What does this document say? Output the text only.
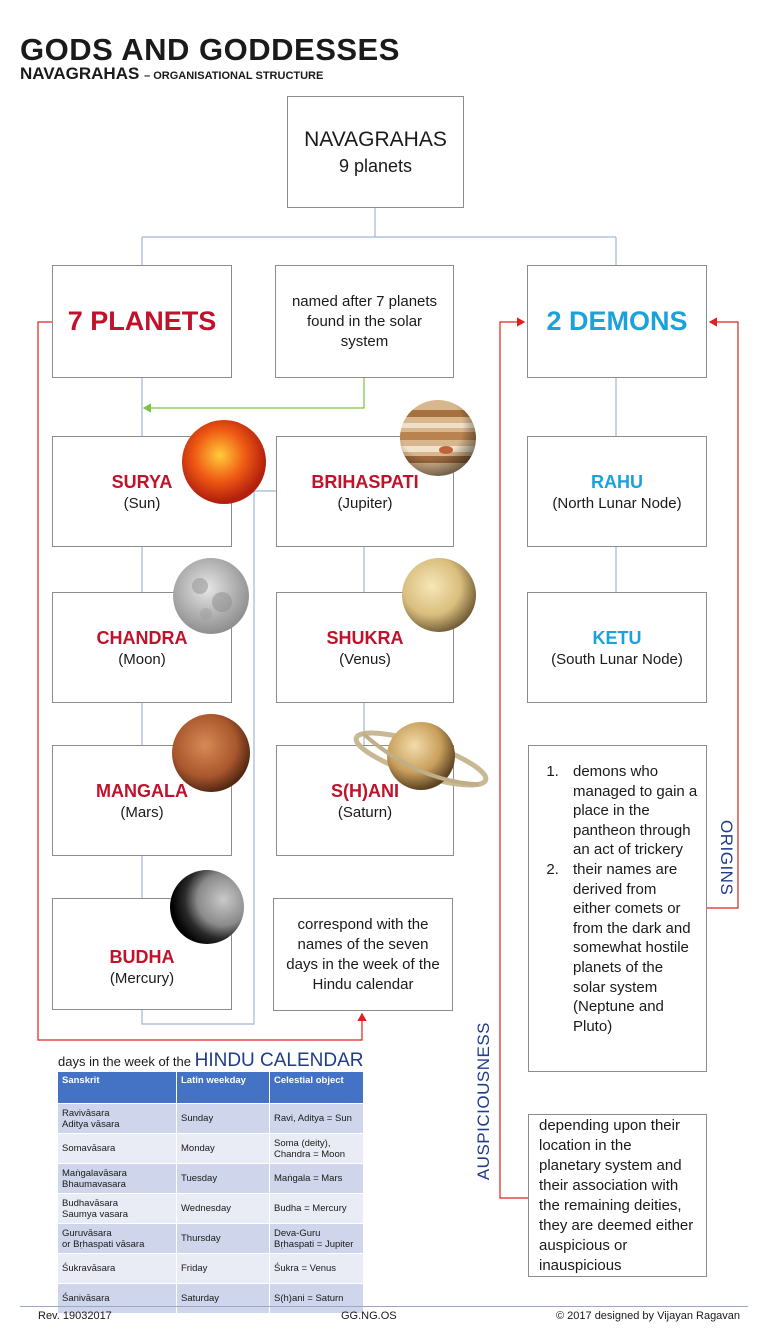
GODS AND GODDESSES
NAVAGRAHAS – ORGANISATIONAL STRUCTURE
NAVAGRAHAS
9 planets
7 PLANETS
named after 7 planets found in the solar system
2 DEMONS
SURYA
(Sun)
CHANDRA
(Moon)
MANGALA
(Mars)
BUDHA
(Mercury)
BRIHASPATI
(Jupiter)
SHUKRA
(Venus)
S(H)ANI
(Saturn)
correspond with the names of the seven days in the week of the Hindu calendar
RAHU
(North Lunar Node)
KETU
(South Lunar Node)
1. demons who managed to gain a place in the pantheon through an act of trickery
2. their names are derived from either comets or from the dark and somewhat hostile planets of the solar system (Neptune and Pluto)
depending upon their location in the planetary system and their association with the remaining deities, they are deemed either auspicious or inauspicious
ORIGINS
AUSPICIOUSNESS
days in the week of the HINDU CALENDAR
Sanskrit	Latin weekday	Celestial object
Ravivāsara
Aditya vāsara	Sunday	Ravi, Aditya = Sun
Somavāsara	Monday	Soma (deity),
Chandra = Moon
Maṅgalavāsara
Bhaumavasara	Tuesday	Maṅgala = Mars
Budhavāsara
Saumya vasara	Wednesday	Budha = Mercury
Guruvāsara
or Bṛhaspati vāsara	Thursday	Deva-Guru
Bṛhaspati = Jupiter
Śukravāsara	Friday	Śukra = Venus
Śanivāsara	Saturday	S(h)ani = Saturn
Rev. 19032017	GG.NG.OS	© 2017 designed by Vijayan Ragavan
